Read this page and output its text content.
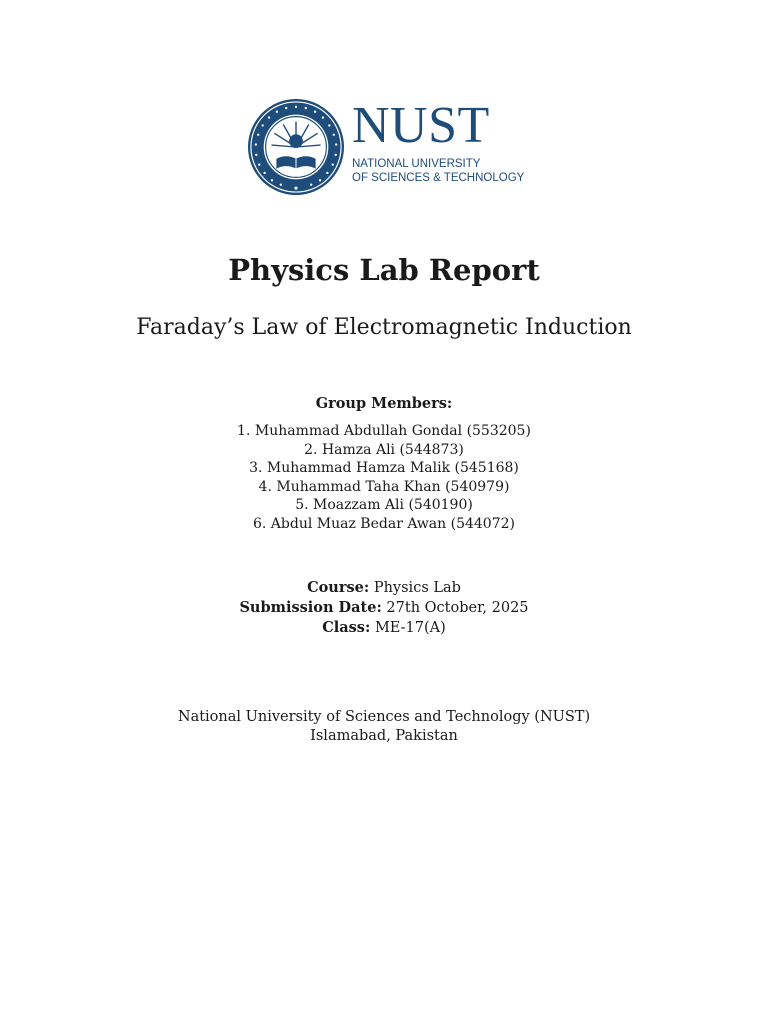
NUST
NATIONAL UNIVERSITY
OF SCIENCES & TECHNOLOGY
Physics Lab Report
Faraday’s Law of Electromagnetic Induction
Group Members:
1. Muhammad Abdullah Gondal (553205)
2. Hamza Ali (544873)
3. Muhammad Hamza Malik (545168)
4. Muhammad Taha Khan (540979)
5. Moazzam Ali (540190)
6. Abdul Muaz Bedar Awan (544072)
Course: Physics Lab
Submission Date: 27th October, 2025
Class: ME-17(A)
National University of Sciences and Technology (NUST)
Islamabad, Pakistan
